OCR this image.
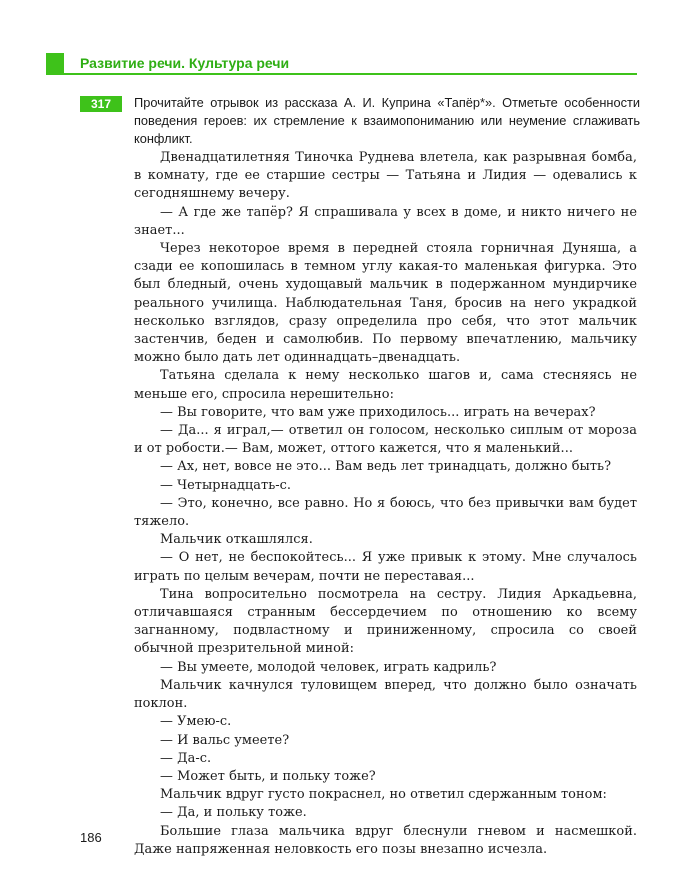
Развитие речи. Культура речи
317	Прочитайте отрывок из рассказа А. И. Куприна «Тапёр*». Отметьте особенности поведения героев: их стремление к взаимопониманию или неумение сглаживать конфликт.

Двенадцатилетняя Тиночка Руднева влетела, как разрывная бомба, в комнату, где ее старшие сестры — Татьяна и Лидия — одевались к сегодняшнему вечеру.

— А где же тапёр? Я спрашивала у всех в доме, и никто ничего не знает...

Через некоторое время в передней стояла горничная Дуняша, а сзади ее копошилась в темном углу какая-то маленькая фигурка. Это был бледный, очень худощавый мальчик в подержанном мундирчике реального училища. Наблюдательная Таня, бросив на него украдкой несколько взглядов, сразу определила про себя, что этот мальчик застенчив, беден и самолюбив. По первому впечатлению, мальчику можно было дать лет одиннадцать–двенадцать.

Татьяна сделала к нему несколько шагов и, сама стесняясь не меньше его, спросила нерешительно:

— Вы говорите, что вам уже приходилось... играть на вечерах?

— Да... я играл,— ответил он голосом, несколько сиплым от мороза и от робости.— Вам, может, оттого кажется, что я маленький...

— Ах, нет, вовсе не это... Вам ведь лет тринадцать, должно быть?

— Четырнадцать-с.

— Это, конечно, все равно. Но я боюсь, что без привычки вам будет тяжело.

Мальчик откашлялся.

— О нет, не беспокойтесь... Я уже привык к этому. Мне случалось играть по целым вечерам, почти не переставая...

Тина вопросительно посмотрела на сестру. Лидия Аркадьевна, отличавшаяся странным бессердечием по отношению ко всему загнанному, подвластному и приниженному, спросила со своей обычной презрительной миной:

— Вы умеете, молодой человек, играть кадриль?

Мальчик качнулся туловищем вперед, что должно было означать поклон.

— Умею-с.

— И вальс умеете?

— Да-с.

— Может быть, и польку тоже?

Мальчик вдруг густо покраснел, но ответил сдержанным тоном:

— Да, и польку тоже.

Большие глаза мальчика вдруг блеснули гневом и насмешкой. Даже напряженная неловкость его позы внезапно исчезла.

186
